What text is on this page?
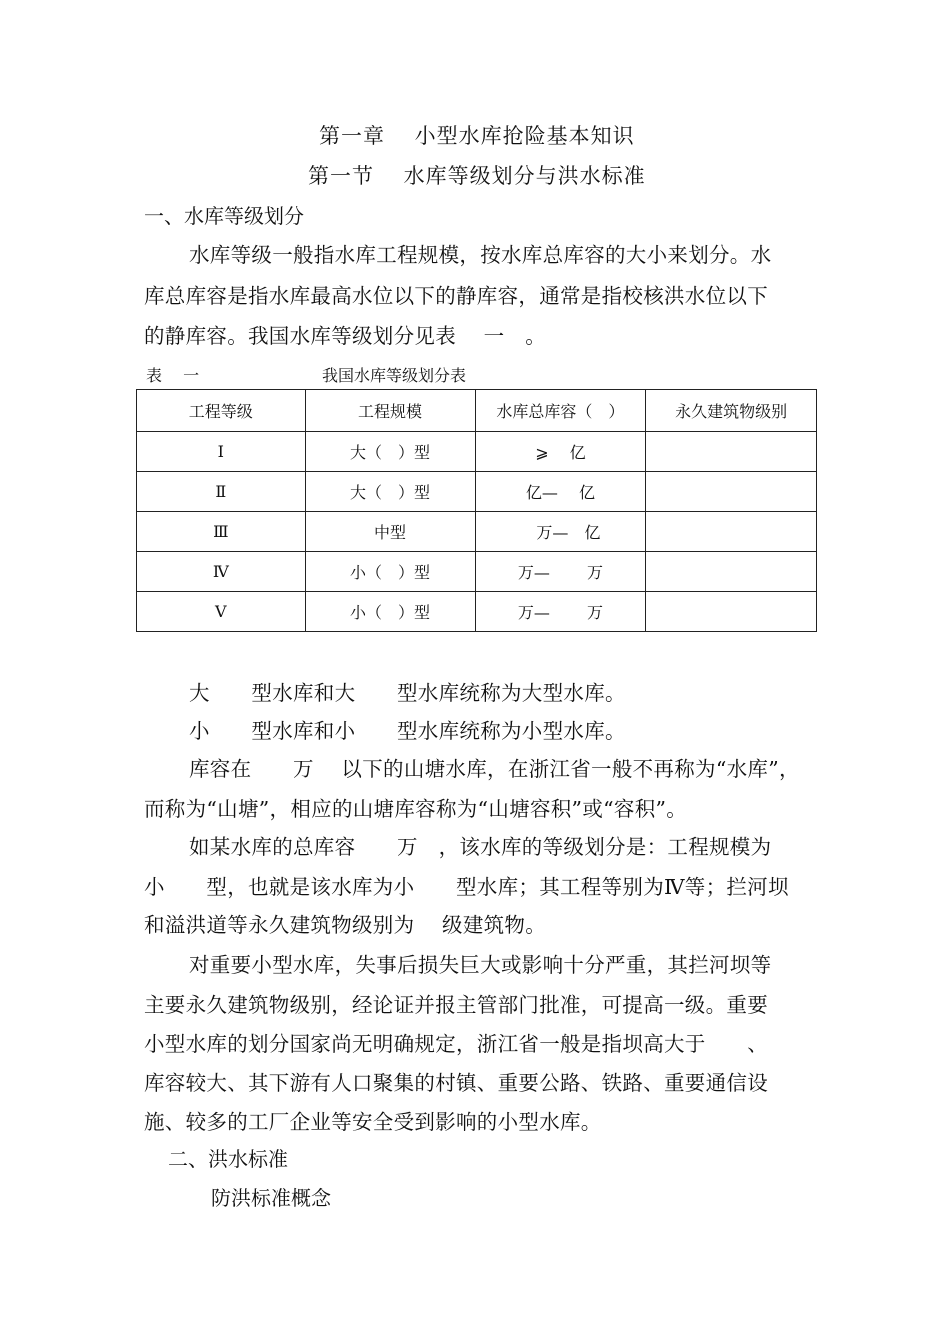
第一章　 小型水库抢险基本知识
第一节　 水库等级划分与洪水标准
一、水库等级划分
水库等级一般指水库工程规模，按水库总库容的大小来划分。水
库总库容是指水库最高水位以下的静库容，通常是指校核洪水位以下
的静库容。我国水库等级划分见表　 一　。
表　 一	我国水库等级划分表
工程等级	工程规模	水库总库容（　）	永久建筑物级别
Ⅰ	大（　）型	⩾　 亿	
Ⅱ	大（　）型	亿—　 亿	
Ⅲ	中型	　万—　亿	
Ⅳ	小（　）型	万—　　 万	
Ⅴ	小（　）型	万—　　 万	
大　　型水库和大　　型水库统称为大型水库。
小　　型水库和小　　型水库统称为小型水库。
库容在　　万　 以下的山塘水库，在浙江省一般不再称为“水库”，
而称为“山塘”，相应的山塘库容称为“山塘容积”或“容积”。
如某水库的总库容　　万　，该水库的等级划分是：工程规模为
小　　型，也就是该水库为小　　型水库；其工程等别为Ⅳ等；拦河坝
和溢洪道等永久建筑物级别为　 级建筑物。
对重要小型水库，失事后损失巨大或影响十分严重，其拦河坝等
主要永久建筑物级别，经论证并报主管部门批准，可提高一级。重要
小型水库的划分国家尚无明确规定，浙江省一般是指坝高大于　　、
库容较大、其下游有人口聚集的村镇、重要公路、铁路、重要通信设
施、较多的工厂企业等安全受到影响的小型水库。
二、洪水标准
防洪标准概念
